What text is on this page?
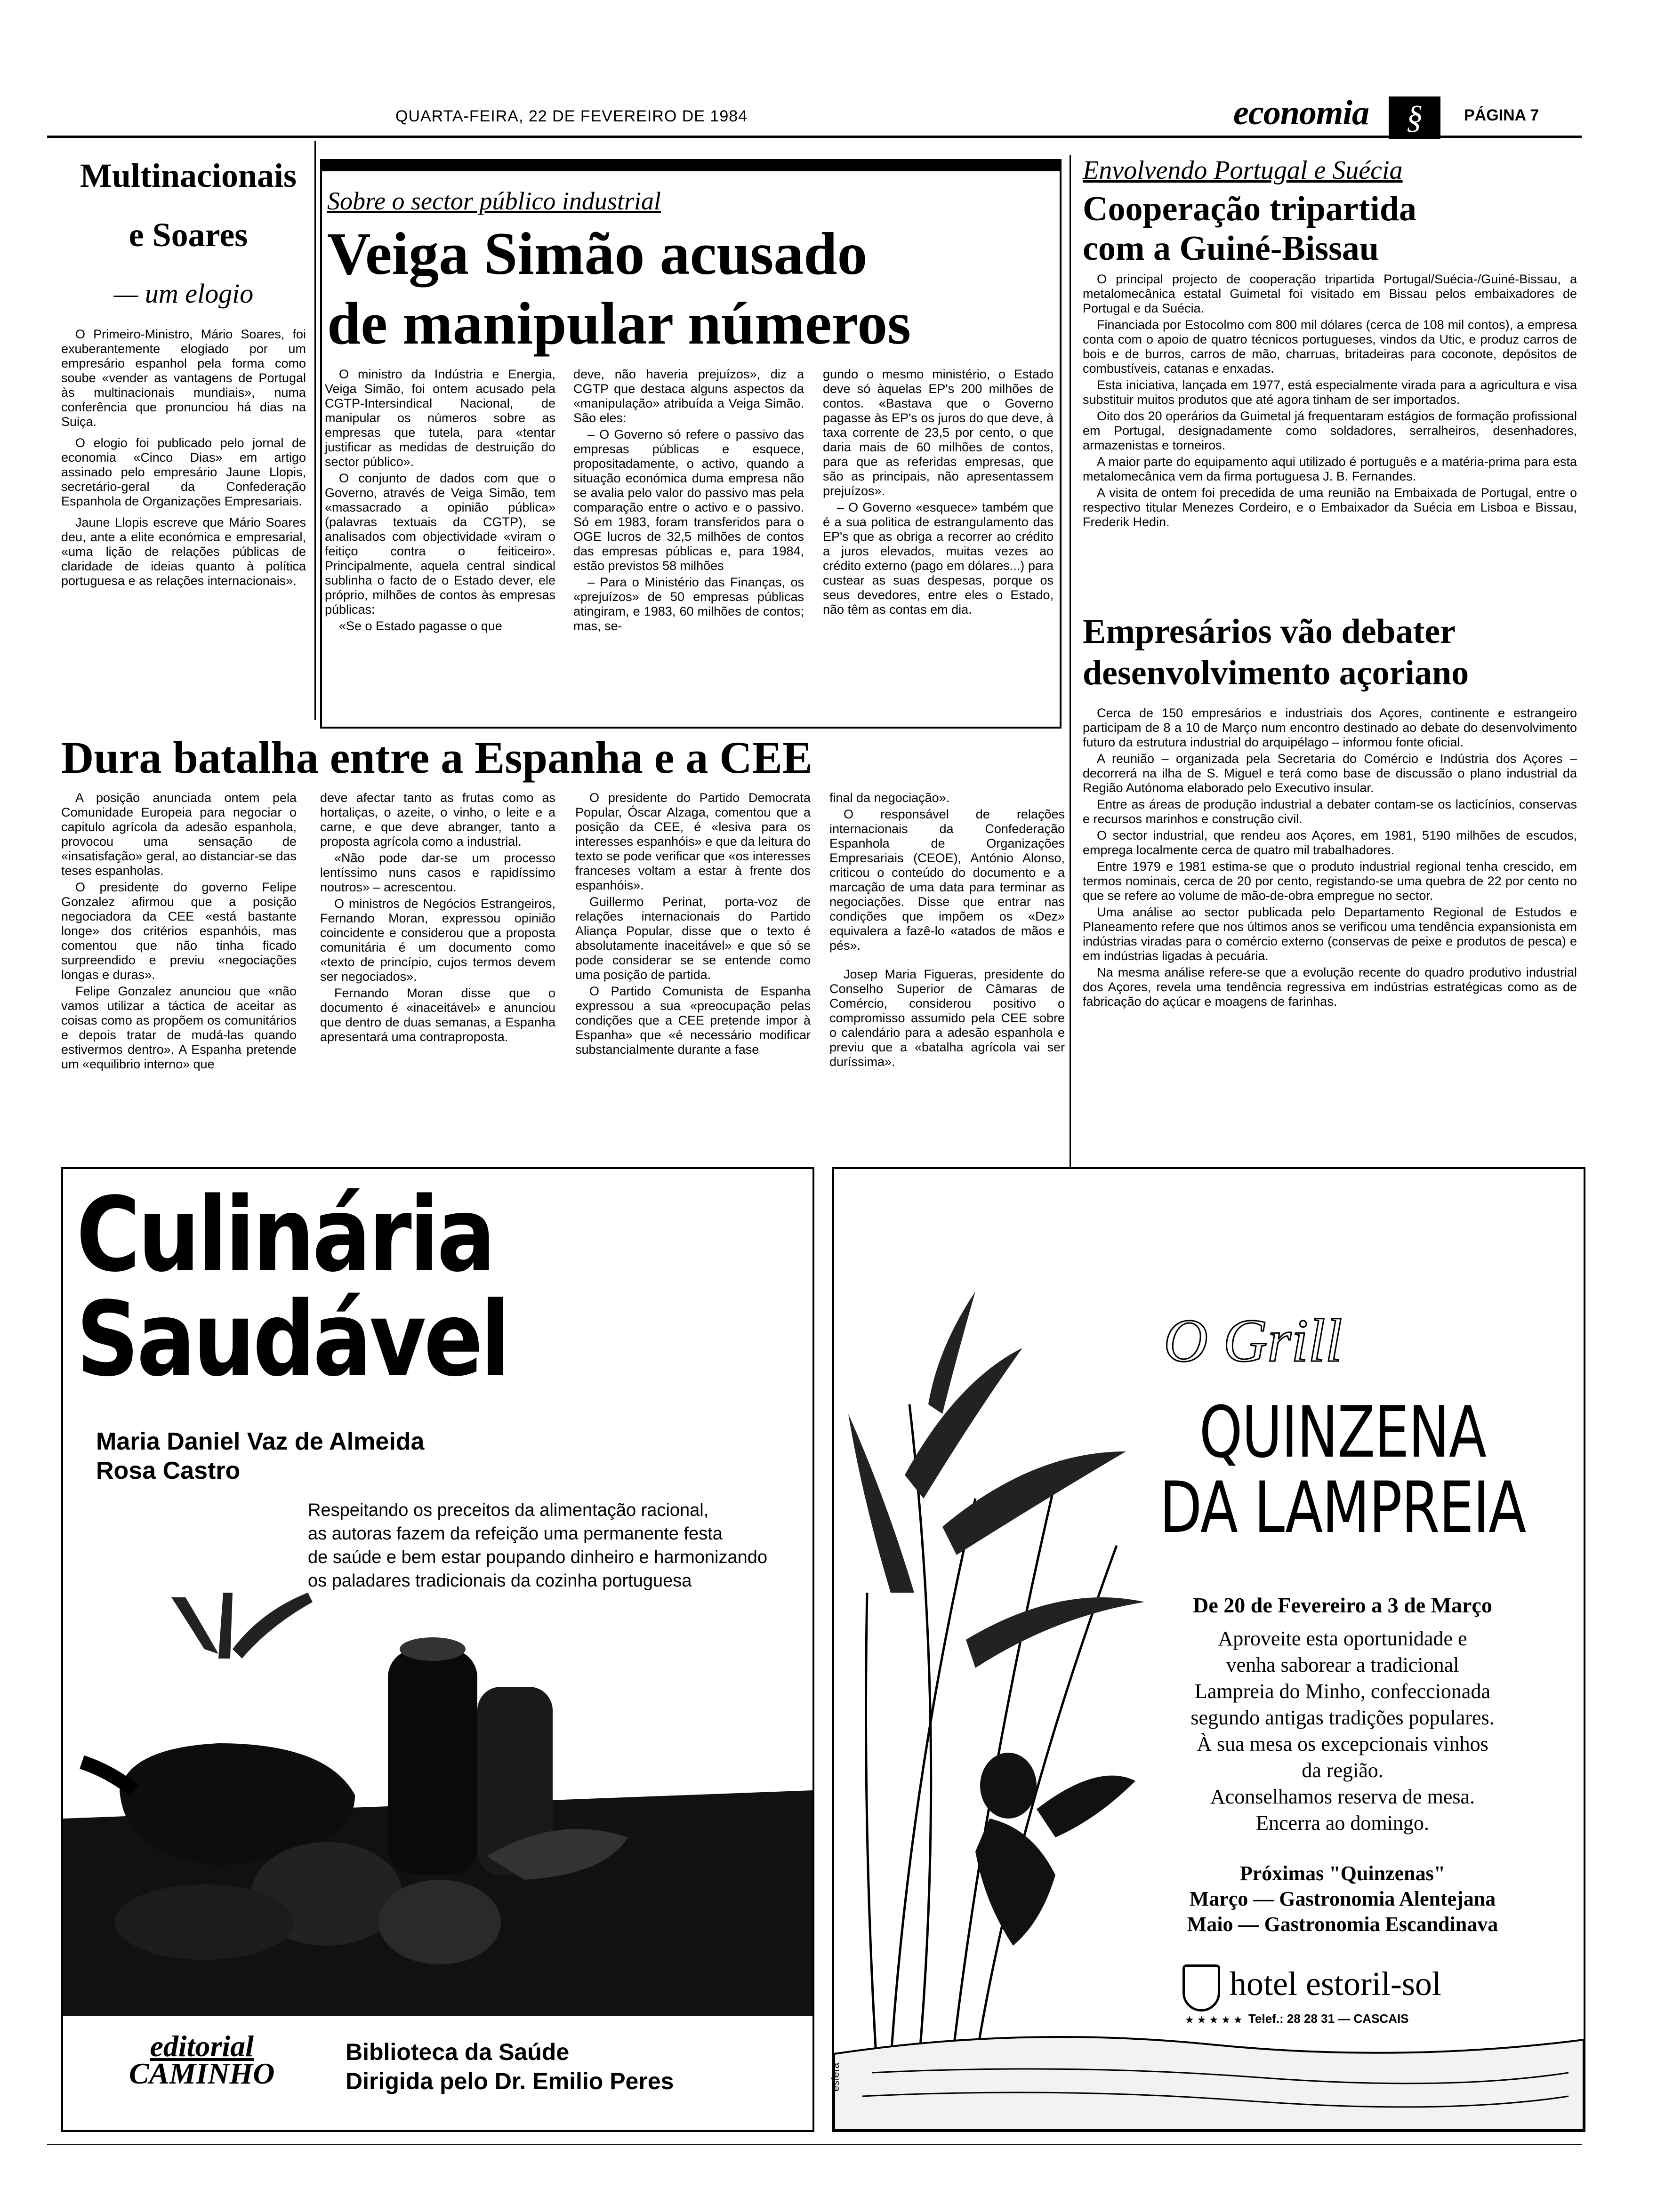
QUARTA-FEIRA, 22 DE FEVEREIRO DE 1984	economia	§	PÁGINA 7
Multinacionais
e Soares
— um elogio

O Primeiro-Ministro, Mário Soares, foi exuberantemente elogiado por um empresário espanhol pela forma como soube «vender as vantagens de Portugal às multinacionais mundiais», numa conferência que pronunciou há dias na Suiça.

O elogio foi publicado pelo jornal de economia «Cinco Dias» em artigo assinado pelo empresário Jaune Llopis, secretário-geral da Confederação Espanhola de Organizações Empresariais.

Jaune Llopis escreve que Mário Soares deu, ante a elite económica e empresarial, «uma lição de relações públicas de claridade de ideias quanto à política portuguesa e as relações internacionais».

Sobre o sector público industrial
Veiga Simão acusado
de manipular números

O ministro da Indústria e Energia, Veiga Simão, foi ontem acusado pela CGTP-Intersindical Nacional, de manipular os números sobre as empresas que tutela, para «tentar justificar as medidas de destruição do sector público».

O conjunto de dados com que o Governo, através de Veiga Simão, tem «massacrado a opinião pública» (palavras textuais da CGTP), se analisados com objectividade «viram o feitiço contra o feiticeiro». Principalmente, aquela central sindical sublinha o facto de o Estado dever, ele próprio, milhões de contos às empresas públicas:

«Se o Estado pagasse o que

deve, não haveria prejuízos», diz a CGTP que destaca alguns aspectos da «manipulação» atribuída a Veiga Simão. São eles:

– O Governo só refere o passivo das empresas públicas e esquece, propositadamente, o activo, quando a situação económica duma empresa não se avalia pelo valor do passivo mas pela comparação entre o activo e o passivo. Só em 1983, foram transferidos para o OGE lucros de 32,5 milhões de contos das empresas públicas e, para 1984, estão previstos 58 milhões

– Para o Ministério das Finanças, os «prejuízos» de 50 empresas públicas atingiram, e 1983, 60 milhões de contos; mas, se-

gundo o mesmo ministério, o Estado deve só àquelas EP's 200 milhões de contos. «Bastava que o Governo pagasse às EP's os juros do que deve, à taxa corrente de 23,5 por cento, o que daria mais de 60 milhões de contos, para que as referidas empresas, que são as principais, não apresentassem prejuízos».

– O Governo «esquece» também que é a sua politica de estrangulamento das EP's que as obriga a recorrer ao crédito a juros elevados, muitas vezes ao crédito externo (pago em dólares...) para custear as suas despesas, porque os seus devedores, entre eles o Estado, não têm as contas em dia.

Envolvendo Portugal e Suécia
Cooperação tripartida
com a Guiné-Bissau

O principal projecto de cooperação tripartida Portugal/Suécia-/Guiné-Bissau, a metalomecânica estatal Guimetal foi visitado em Bissau pelos embaixadores de Portugal e da Suécia.

Financiada por Estocolmo com 800 mil dólares (cerca de 108 mil contos), a empresa conta com o apoio de quatro técnicos portugueses, vindos da Utic, e produz carros de bois e de burros, carros de mão, charruas, britadeiras para coconote, depósitos de combustíveis, catanas e enxadas.

Esta iniciativa, lançada em 1977, está especialmente virada para a agricultura e visa substituir muitos produtos que até agora tinham de ser importados.

Oito dos 20 operários da Guimetal já frequentaram estágios de formação profissional em Portugal, designadamente como soldadores, serralheiros, desenhadores, armazenistas e torneiros.

A maior parte do equipamento aqui utilizado é português e a matéria-prima para esta metalomecânica vem da firma portuguesa J. B. Fernandes.

A visita de ontem foi precedida de uma reunião na Embaixada de Portugal, entre o respectivo titular Menezes Cordeiro, e o Embaixador da Suécia em Lisboa e Bissau, Frederik Hedin.

Empresários vão debater
desenvolvimento açoriano

Cerca de 150 empresários e industriais dos Açores, continente e estrangeiro participam de 8 a 10 de Março num encontro destinado ao debate do desenvolvimento futuro da estrutura industrial do arquipélago – informou fonte oficial.

A reunião – organizada pela Secretaria do Comércio e Indústria dos Açores – decorrerá na ilha de S. Miguel e terá como base de discussão o plano industrial da Região Autónoma elaborado pelo Executivo insular.

Entre as áreas de produção industrial a debater contam-se os lacticínios, conservas e recursos marinhos e construção civil.

O sector industrial, que rendeu aos Açores, em 1981, 5190 milhões de escudos, emprega localmente cerca de quatro mil trabalhadores.

Entre 1979 e 1981 estima-se que o produto industrial regional tenha crescido, em termos nominais, cerca de 20 por cento, registando-se uma quebra de 22 por cento no que se refere ao volume de mão-de-obra empregue no sector.

Uma análise ao sector publicada pelo Departamento Regional de Estudos e Planeamento refere que nos últimos anos se verificou uma tendência expansionista em indústrias viradas para o comércio externo (conservas de peixe e produtos de pesca) e em indústrias ligadas à pecuária.

Na mesma análise refere-se que a evolução recente do quadro produtivo industrial dos Açores, revela uma tendência regressiva em indústrias estratégicas como as de fabricação do açúcar e moagens de farinhas.

Dura batalha entre a Espanha e a CEE

A posição anunciada ontem pela Comunidade Europeia para negociar o capitulo agrícola da adesão espanhola, provocou uma sensação de «insatisfação» geral, ao distanciar-se das teses espanholas.

O presidente do governo Felipe Gonzalez afirmou que a posição negociadora da CEE «está bastante longe» dos critérios espanhóis, mas comentou que não tinha ficado surpreendido e previu «negociações longas e duras».

Felipe Gonzalez anunciou que «não vamos utilizar a táctica de aceitar as coisas como as propõem os comunitários e depois tratar de mudá-las quando estivermos dentro». A Espanha pretende um «equilibrio interno» que

deve afectar tanto as frutas como as hortaliças, o azeite, o vinho, o leite e a carne, e que deve abranger, tanto a proposta agrícola como a industrial.

«Não pode dar-se um processo lentíssimo nuns casos e rapidíssimo noutros» – acrescentou.

O ministros de Negócios Estrangeiros, Fernando Moran, expressou opinião coincidente e considerou que a proposta comunitária é um documento como «texto de princípio, cujos termos devem ser negociados».

Fernando Moran disse que o documento é «inaceitável» e anunciou que dentro de duas semanas, a Espanha apresentará uma contraproposta.

O presidente do Partido Democrata Popular, Óscar Alzaga, comentou que a posição da CEE, é «lesiva para os interesses espanhóis» e que da leitura do texto se pode verificar que «os interesses franceses voltam a estar à frente dos espanhóis».

Guillermo Perinat, porta-voz de relações internacionais do Partido Aliança Popular, disse que o texto é absolutamente inaceitável» e que só se pode considerar se se entende como uma posição de partida.

O Partido Comunista de Espanha expressou a sua «preocupação pelas condições que a CEE pretende impor à Espanha» que «é necessário modificar substancialmente durante a fase

final da negociação».

O responsável de relações internacionais da Confederação Espanhola de Organizações Empresariais (CEOE), António Alonso, criticou o conteúdo do documento e a marcação de uma data para terminar as negociações. Disse que entrar nas condições que impõem os «Dez» equivalera a fazê-lo «atados de mãos e pés».

Josep Maria Figueras, presidente do Conselho Superior de Câmaras de Comércio, considerou positivo o compromisso assumido pela CEE sobre o calendário para a adesão espanhola e previu que a «batalha agrícola vai ser duríssima».

Culinária
Saudável
Maria Daniel Vaz de Almeida
Rosa Castro
Respeitando os preceitos da alimentação racional,
as autoras fazem da refeição uma permanente festa
de saúde e bem estar poupando dinheiro e harmonizando
os paladares tradicionais da cozinha portuguesa
editorial
CAMINHO
Biblioteca da Saúde
Dirigida pelo Dr. Emilio Peres
O Grill
QUINZENA
DA LAMPREIA
De 20 de Fevereiro a 3 de Março
Aproveite esta oportunidade e
venha saborear a tradicional
Lampreia do Minho, confeccionada
segundo antigas tradições populares.
À sua mesa os excepcionais vinhos
da região.
Aconselhamos reserva de mesa.
Encerra ao domingo.
Próximas "Quinzenas"
Março — Gastronomia Alentejana
Maio — Gastronomia Escandinava
hotel estoril-sol
★★★★★ Telef.: 28 28 31 — CASCAIS
esfera
